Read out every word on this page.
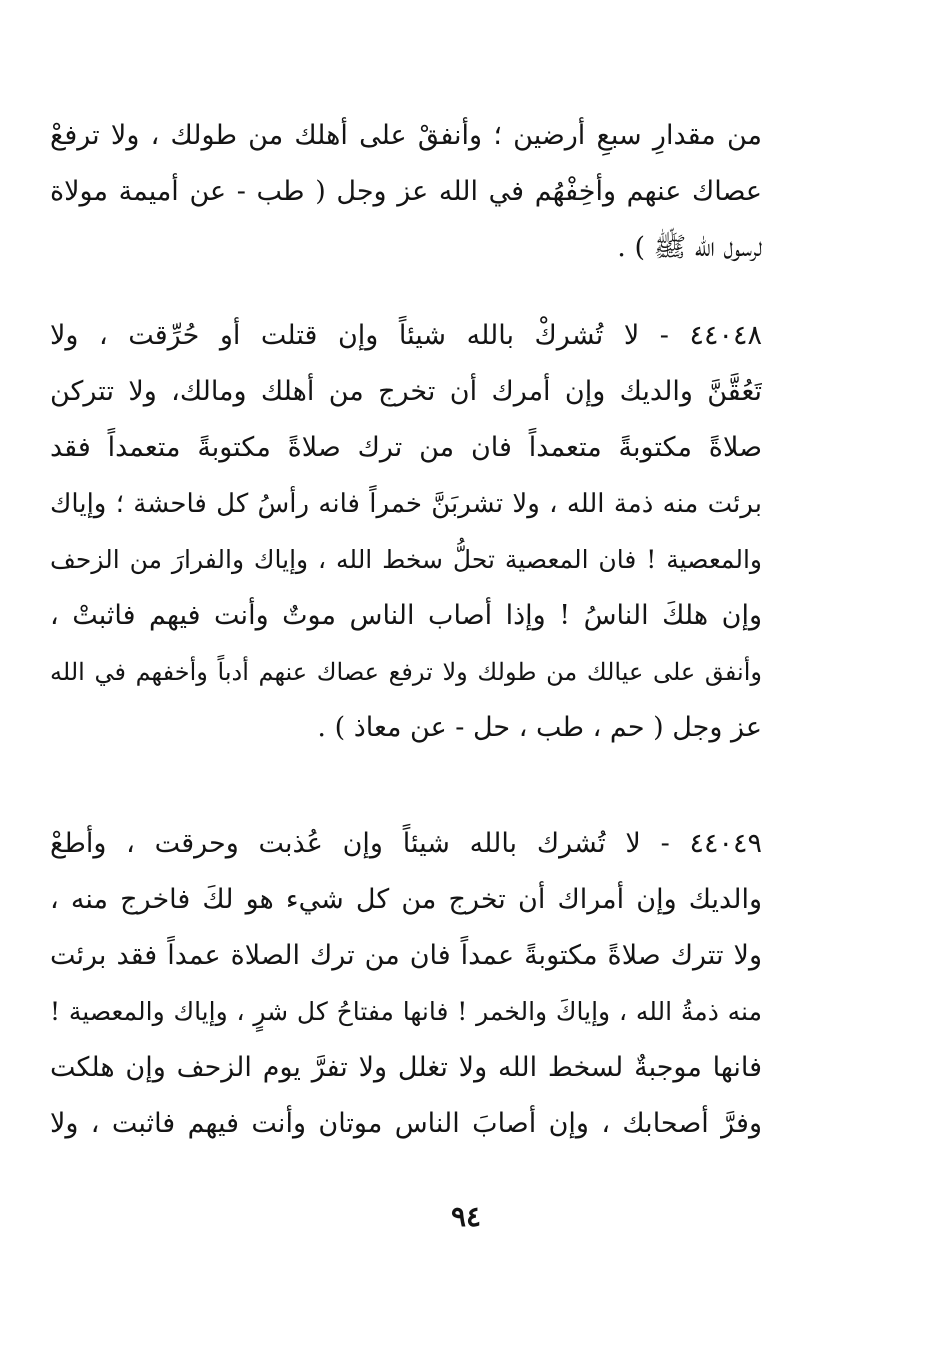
من مقدارِ سبعِ أرضين ؛ وأنفقْ على أهلك من طولك ، ولا ترفعْ
عصاك عنهم وأخِفْهُم في الله عز وجل ( طب - عن أميمة مولاة
لرسول الله ﷺ ) .
٤٤٠٤٨ - لا تُشركْ بالله شيئاً وإن قتلت أو حُرِّقت ، ولا
تَعُقَّنَّ والديك وإن أمرك أن تخرج من أهلك ومالك، ولا تتركن
صلاةً مكتوبةً متعمداً فان من ترك صلاةً مكتوبةً متعمداً فقد
برئت منه ذمة الله ، ولا تشربَنَّ خمراً فانه رأسُ كل فاحشة ؛ وإياك
والمعصية ! فان المعصية تحلُّ سخط الله ، وإياك والفرارَ من الزحف
وإن هلكَ الناسُ ! وإذا أصاب الناس موتٌ وأنت فيهم فاثبتْ ،
وأنفق على عيالك من طولك ولا ترفع عصاك عنهم أدباً وأخفهم في الله
عز وجل ( حم ، طب ، حل - عن معاذ ) .
٤٤٠٤٩ - لا تُشرك بالله شيئاً وإن عُذبت وحرقت ، وأطعْ
والديك وإن أمراك أن تخرج من كل شيء هو لكَ فاخرج منه ،
ولا تترك صلاةً مكتوبةً عمداً فان من ترك الصلاة عمداً فقد برئت
منه ذمةُ الله ، وإياكَ والخمر ! فانها مفتاحُ كل شرٍ ، وإياك والمعصية !
فانها موجبةٌ لسخط الله ولا تغلل ولا تفرَّ يوم الزحف وإن هلكت
وفرَّ أصحابك ، وإن أصابَ الناس موتان وأنت فيهم فاثبت ، ولا
٩٤
